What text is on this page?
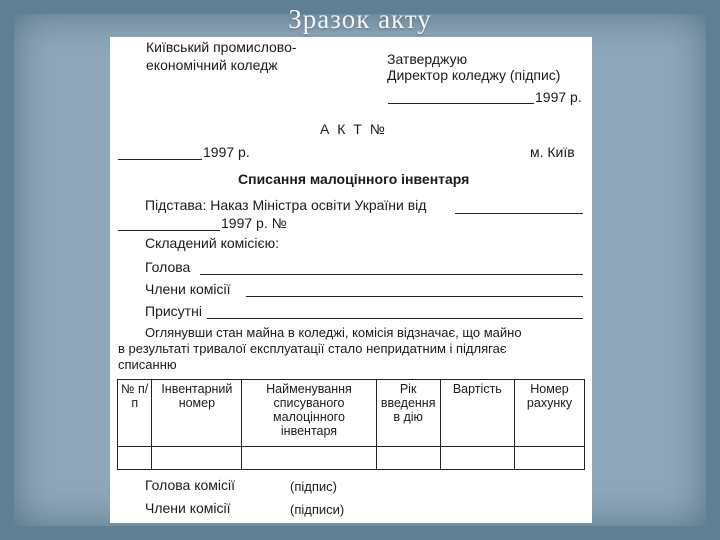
Зразок акту
Київський промислово-
економічний коледж	Затверджую
Директор коледжу (підпис)
1997 р.
А К Т №
1997 р.	м. Київ
Списання малоцінного інвентаря
Підстава: Наказ Міністра освіти України від
1997 р. №
Складений комісією:
Голова
Члени комісії
Присутні
Оглянувши стан майна в коледжі, комісія відзначає, що майно
в результаті тривалої експлуатації стало непридатним і підлягає
списанню
№ п/п	Інвентарний номер	Найменування списуваного малоцінного інвентаря	Рік введення в дію	Вартість	Номер рахунку

Голова комісії	(підпис)
Члени комісії	(підписи)
